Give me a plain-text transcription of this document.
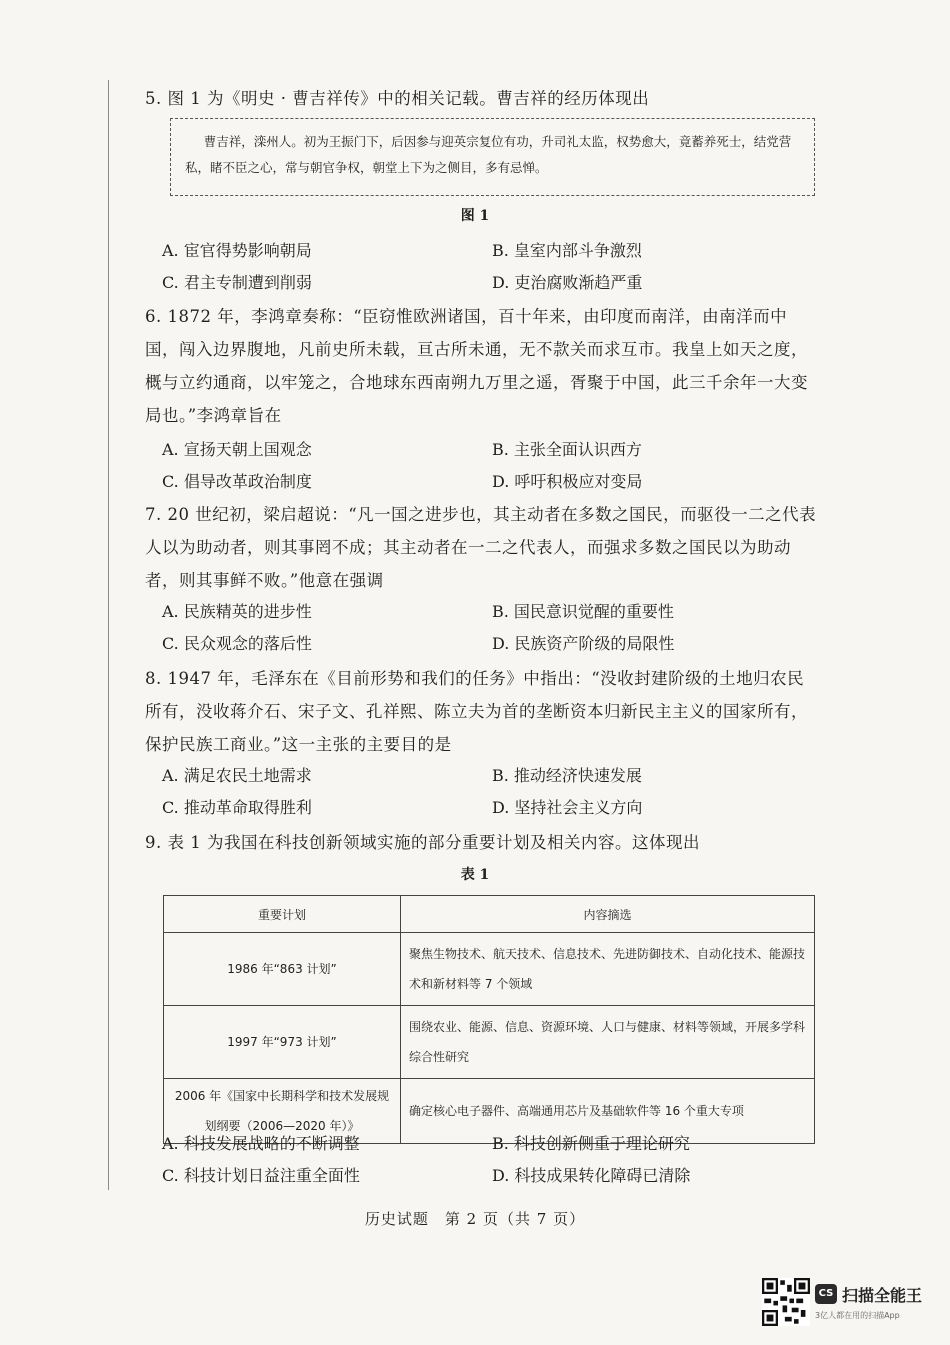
5. 图 1 为《明史 · 曹吉祥传》中的相关记载。曹吉祥的经历体现出
曹吉祥，滦州人。初为王振门下，后因参与迎英宗复位有功，升司礼太监，权势愈大，竟蓄养死士，结党营私，睹不臣之心，常与朝官争权，朝堂上下为之侧目，多有忌惮。
图 1
A. 宦官得势影响朝局	B. 皇室内部斗争激烈
C. 君主专制遭到削弱	D. 吏治腐败渐趋严重
6. 1872 年，李鸿章奏称：“臣窃惟欧洲诸国，百十年来，由印度而南洋，由南洋而中国，闯入边界腹地，凡前史所未载，亘古所未通，无不款关而求互市。我皇上如天之度，概与立约通商，以牢笼之，合地球东西南朔九万里之遥，胥聚于中国，此三千余年一大变局也。”李鸿章旨在
A. 宣扬天朝上国观念	B. 主张全面认识西方
C. 倡导改革政治制度	D. 呼吁积极应对变局
7. 20 世纪初，梁启超说：“凡一国之进步也，其主动者在多数之国民，而驱役一二之代表人以为助动者，则其事罔不成；其主动者在一二之代表人，而强求多数之国民以为助动者，则其事鲜不败。”他意在强调
A. 民族精英的进步性	B. 国民意识觉醒的重要性
C. 民众观念的落后性	D. 民族资产阶级的局限性
8. 1947 年，毛泽东在《目前形势和我们的任务》中指出：“没收封建阶级的土地归农民所有，没收蒋介石、宋子文、孔祥熙、陈立夫为首的垄断资本归新民主主义的国家所有，保护民族工商业。”这一主张的主要目的是
A. 满足农民土地需求	B. 推动经济快速发展
C. 推动革命取得胜利	D. 坚持社会主义方向
9. 表 1 为我国在科技创新领域实施的部分重要计划及相关内容。这体现出
表 1
重要计划	内容摘选
1986 年“863 计划”	聚焦生物技术、航天技术、信息技术、先进防御技术、自动化技术、能源技术和新材料等 7 个领域
1997 年“973 计划”	围绕农业、能源、信息、资源环境、人口与健康、材料等领域，开展多学科综合性研究
2006 年《国家中长期科学和技术发展规划纲要（2006—2020 年）》	确定核心电子器件、高端通用芯片及基础软件等 16 个重大专项
A. 科技发展战略的不断调整	B. 科技创新侧重于理论研究
C. 科技计划日益注重全面性	D. 科技成果转化障碍已清除
历史试题　第 2 页（共 7 页）
CS 扫描全能王
3亿人都在用的扫描App
